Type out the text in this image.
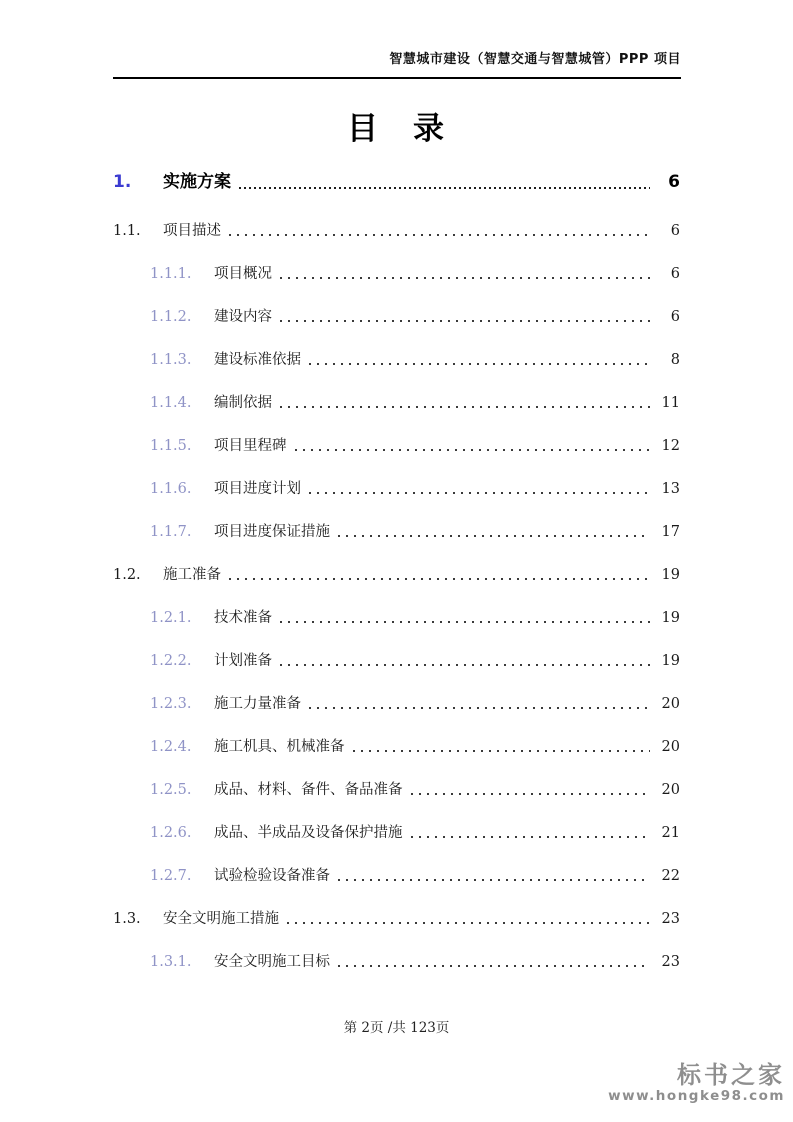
智慧城市建设（智慧交通与智慧城管）PPP 项目
目　录
1.	实施方案	6
1.1.	项目描述	6
1.1.1.	项目概况	6
1.1.2.	建设内容	6
1.1.3.	建设标准依据	8
1.1.4.	编制依据	11
1.1.5.	项目里程碑	12
1.1.6.	项目进度计划	13
1.1.7.	项目进度保证措施	17
1.2.	施工准备	19
1.2.1.	技术准备	19
1.2.2.	计划准备	19
1.2.3.	施工力量准备	20
1.2.4.	施工机具、机械准备	20
1.2.5.	成品、材料、备件、备品准备	20
1.2.6.	成品、半成品及设备保护措施	21
1.2.7.	试验检验设备准备	22
1.3.	安全文明施工措施	23
1.3.1.	安全文明施工目标	23
第 2页 /共 123页
标书之家
www.hongke98.com
